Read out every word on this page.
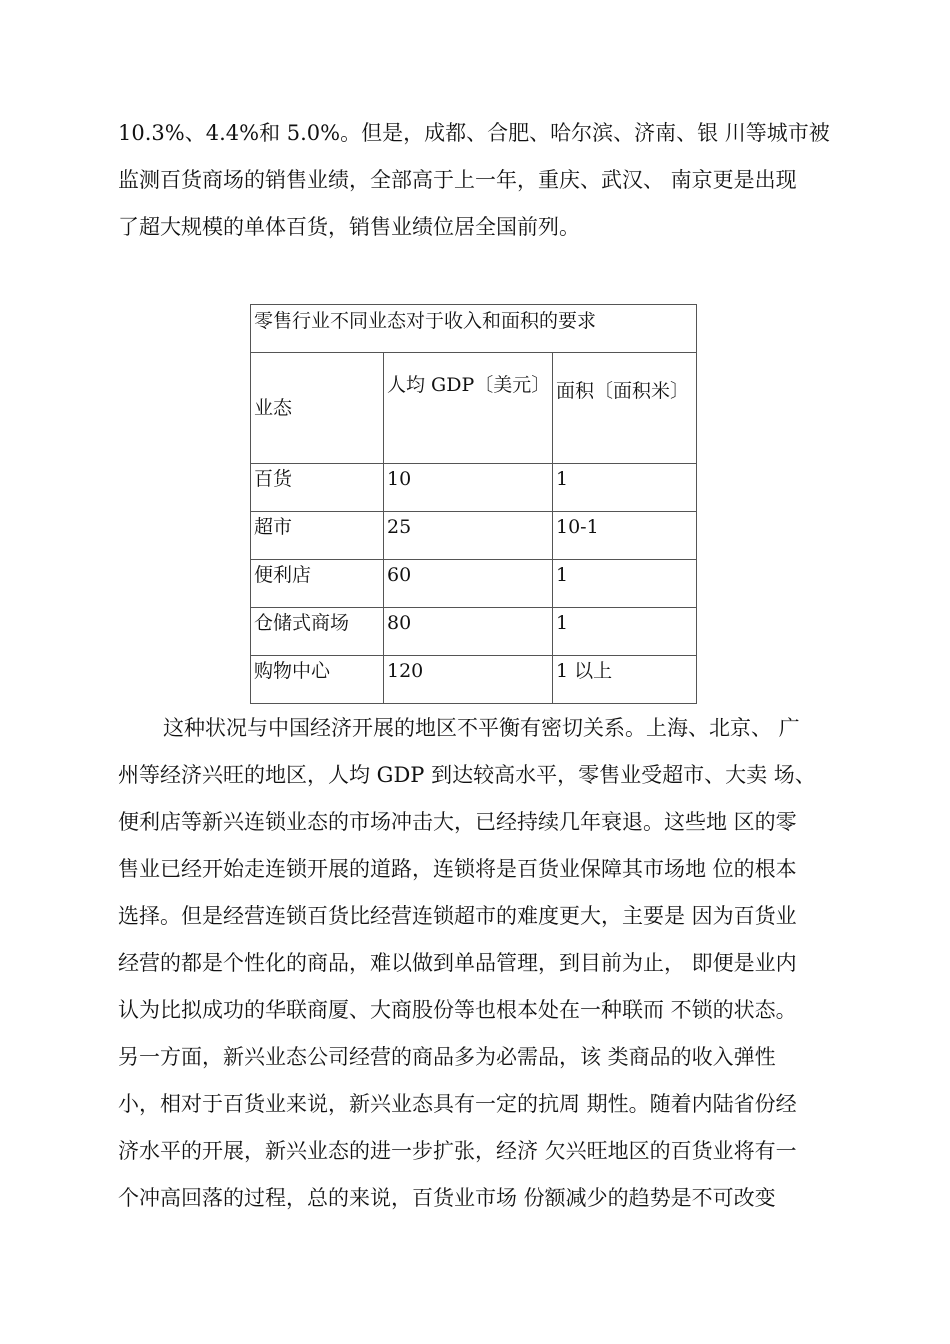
10.3%、4.4%和 5.0%。但是，成都、合肥、哈尔滨、济南、银 川等城市被
监测百货商场的销售业绩，全部高于上一年，重庆、武汉、 南京更是出现
了超大规模的单体百货，销售业绩位居全国前列。
零售行业不同业态对于收入和面积的要求		
业态	人均 GDP〔美元〕	面积〔面积米〕
百货	10	1
超市	25	10-1
便利店	60	1
仓储式商场	80	1
购物中心	120	1 以上
这种状况与中国经济开展的地区不平衡有密切关系。上海、北京、 广
州等经济兴旺的地区，人均 GDP 到达较高水平，零售业受超市、大卖 场、
便利店等新兴连锁业态的市场冲击大，已经持续几年衰退。这些地 区的零
售业已经开始走连锁开展的道路，连锁将是百货业保障其市场地 位的根本
选择。但是经营连锁百货比经营连锁超市的难度更大，主要是 因为百货业
经营的都是个性化的商品，难以做到单品管理，到目前为止， 即便是业内
认为比拟成功的华联商厦、大商股份等也根本处在一种联而 不锁的状态。
另一方面，新兴业态公司经营的商品多为必需品，该 类商品的收入弹性
小，相对于百货业来说，新兴业态具有一定的抗周 期性。随着内陆省份经
济水平的开展，新兴业态的进一步扩张，经济 欠兴旺地区的百货业将有一
个冲高回落的过程，总的来说，百货业市场 份额减少的趋势是不可改变
